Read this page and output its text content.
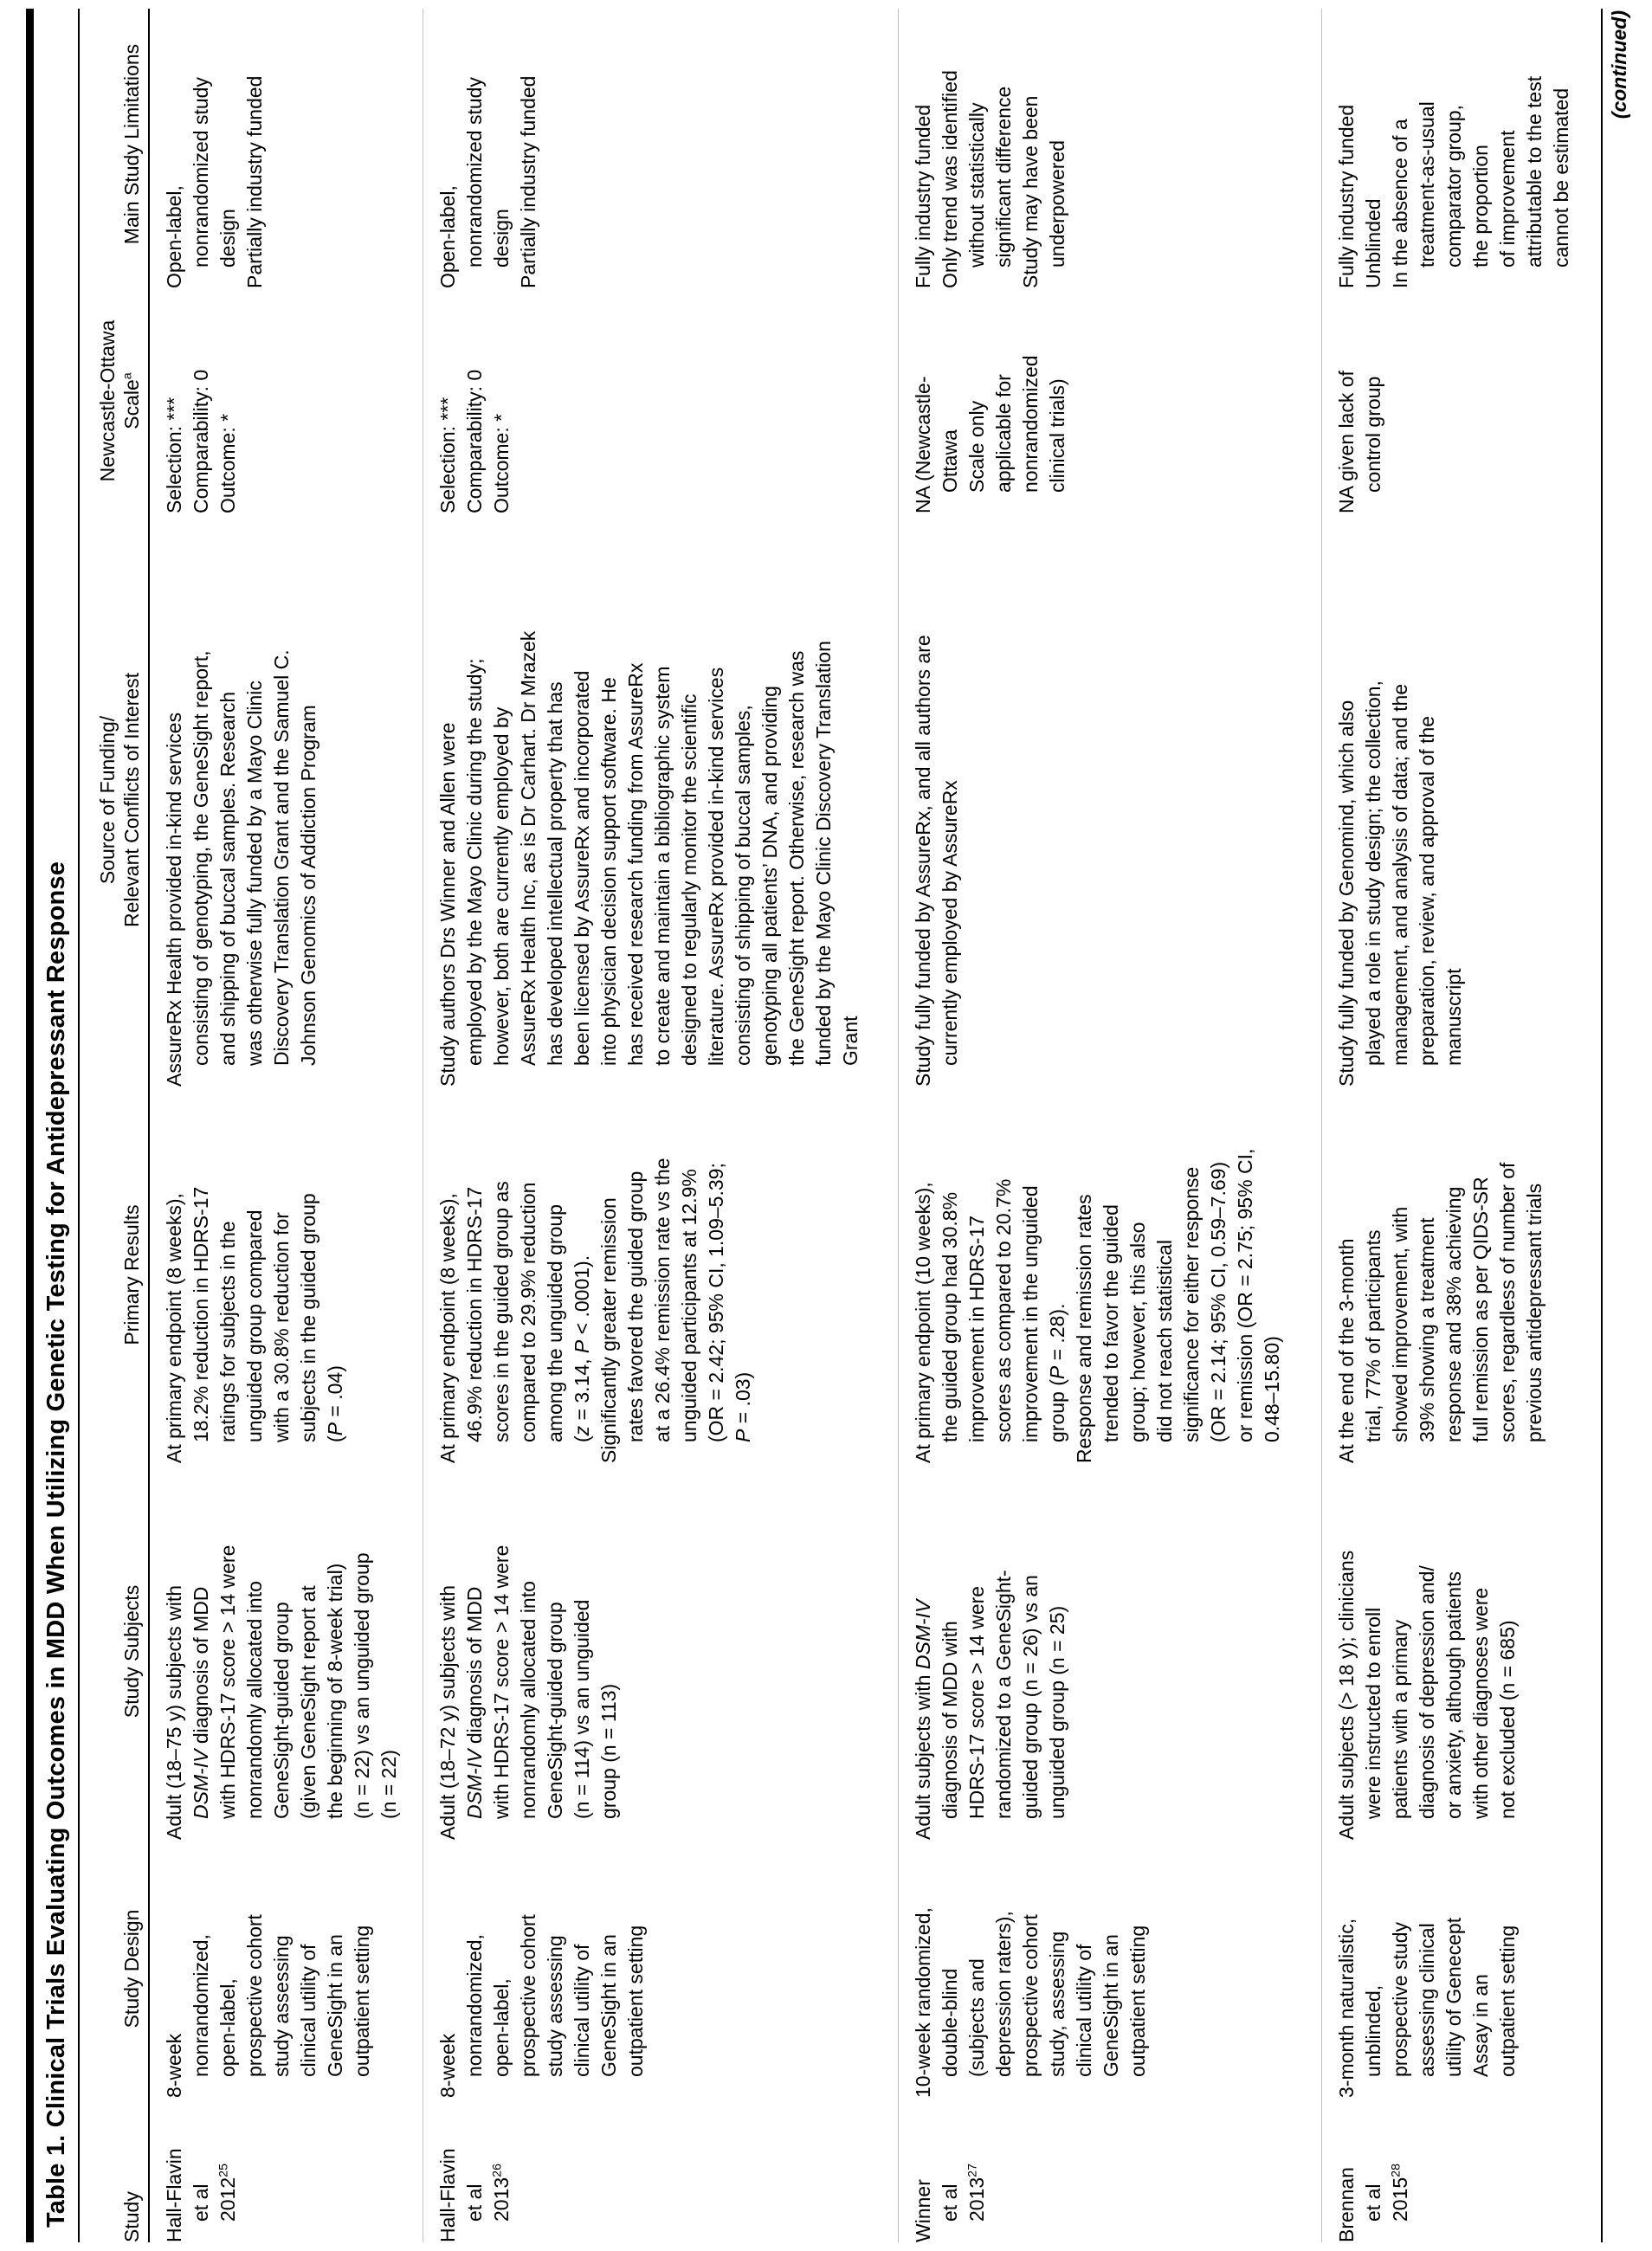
Table 1. Clinical Trials Evaluating Outcomes in MDD When Utilizing Genetic Testing for Antidepressant Response	Study
Study Design
Study Subjects
Primary Results
Source of Funding/
Relevant Conflicts of Interest
Newcastle-Ottawa
Scale$^a$
Main Study Limitations
Hall-Flavin
et al
2012$^{25}$
8-week
nonrandomized,
open-label,
prospective cohort
study assessing
clinical utility of
GeneSight in an
outpatient setting
Adult (18–75 y) subjects with
DSM-IV diagnosis of MDD
with HDRS-17 score > 14 were
nonrandomly allocated into
GeneSight-guided group
(given GeneSight report at
the beginning of 8-week trial)
(n = 22) vs an unguided group
(n = 22)
At primary endpoint (8 weeks),
18.2% reduction in HDRS-17
ratings for subjects in the
unguided group compared
with a 30.8% reduction for
subjects in the guided group
(P = .04)
AssureRx Health provided in-kind services
consisting of genotyping, the GeneSight report,
and shipping of buccal samples. Research
was otherwise fully funded by a Mayo Clinic
Discovery Translation Grant and the Samuel C.
Johnson Genomics of Addiction Program
Selection: *** Comparability: 0 Outcome: *
Open-label,
nonrandomized study
design Partially industry funded
Hall-Flavin
et al
2013$^{26}$
8-week
nonrandomized,
open-label,
prospective cohort
study assessing
clinical utility of
GeneSight in an
outpatient setting
Adult (18–72 y) subjects with
DSM-IV diagnosis of MDD
with HDRS-17 score > 14 were
nonrandomly allocated into
GeneSight-guided group
(n = 114) vs an unguided
group (n = 113)
At primary endpoint (8 weeks),
46.9% reduction in HDRS-17
scores in the guided group as
compared to 29.9% reduction
among the unguided group
(z = 3.14, P < .0001).
Significantly greater remission
rates favored the guided group
at a 26.4% remission rate vs the
unguided participants at 12.9%
(OR = 2.42; 95% CI, 1.09–5.39;
P = .03)
Study authors Drs Winner and Allen were
employed by the Mayo Clinic during the study;
however, both are currently employed by
AssureRx Health Inc, as is Dr Carhart. Dr Mrazek
has developed intellectual property that has
been licensed by AssureRx and incorporated
into physician decision support software. He
has received research funding from AssureRx
to create and maintain a bibliographic system
designed to regularly monitor the scientific
literature. AssureRx provided in-kind services
consisting of shipping of buccal samples,
genotyping all patients’ DNA, and providing
the GeneSight report. Otherwise, research was
funded by the Mayo Clinic Discovery Translation
Grant
Selection: *** Comparability: 0 Outcome: *
Open-label,
nonrandomized study
design Partially industry funded
Winner
et al
2013$^{27}$
10-week randomized,
double-blind
(subjects and
depression raters),
prospective cohort
study, assessing
clinical utility of
GeneSight in an
outpatient setting
Adult subjects with DSM-IV
diagnosis of MDD with
HDRS-17 score > 14 were
randomized to a GeneSight-
guided group (n = 26) vs an
unguided group (n = 25)
At primary endpoint (10 weeks),
the guided group had 30.8%
improvement in HDRS-17
scores as compared to 20.7%
improvement in the unguided
group (P = .28).
Response and remission rates
trended to favor the guided
group; however, this also
did not reach statistical
significance for either response
(OR = 2.14; 95% CI, 0.59–7.69)
or remission (OR = 2.75; 95% CI,
0.48–15.80)
Study fully funded by AssureRx, and all authors are
currently employed by AssureRx
NA (Newcastle-
Ottawa
Scale only
applicable for
nonrandomized
clinical trials)
Fully industry funded Only trend was identified
without statistically
significant difference
Study may have been
underpowered
Brennan
et al
2015$^{28}$
3-month naturalistic,
unblinded,
prospective study
assessing clinical
utility of Genecept
Assay in an
outpatient setting
Adult subjects (> 18 y); clinicians
were instructed to enroll
patients with a primary
diagnosis of depression and/
or anxiety, although patients
with other diagnoses were
not excluded (n = 685)
At the end of the 3-month
trial, 77% of participants
showed improvement, with
39% showing a treatment
response and 38% achieving
full remission as per QIDS-SR
scores, regardless of number of
previous antidepressant trials
Study fully funded by Genomind, which also
played a role in study design; the collection,
management, and analysis of data; and the
preparation, review, and approval of the
manuscript
NA given lack of
control group
Fully industry funded Unblinded In the absence of a
treatment-as-usual
comparator group,
the proportion
of improvement
attributable to the test
cannot be estimated
(continued)
